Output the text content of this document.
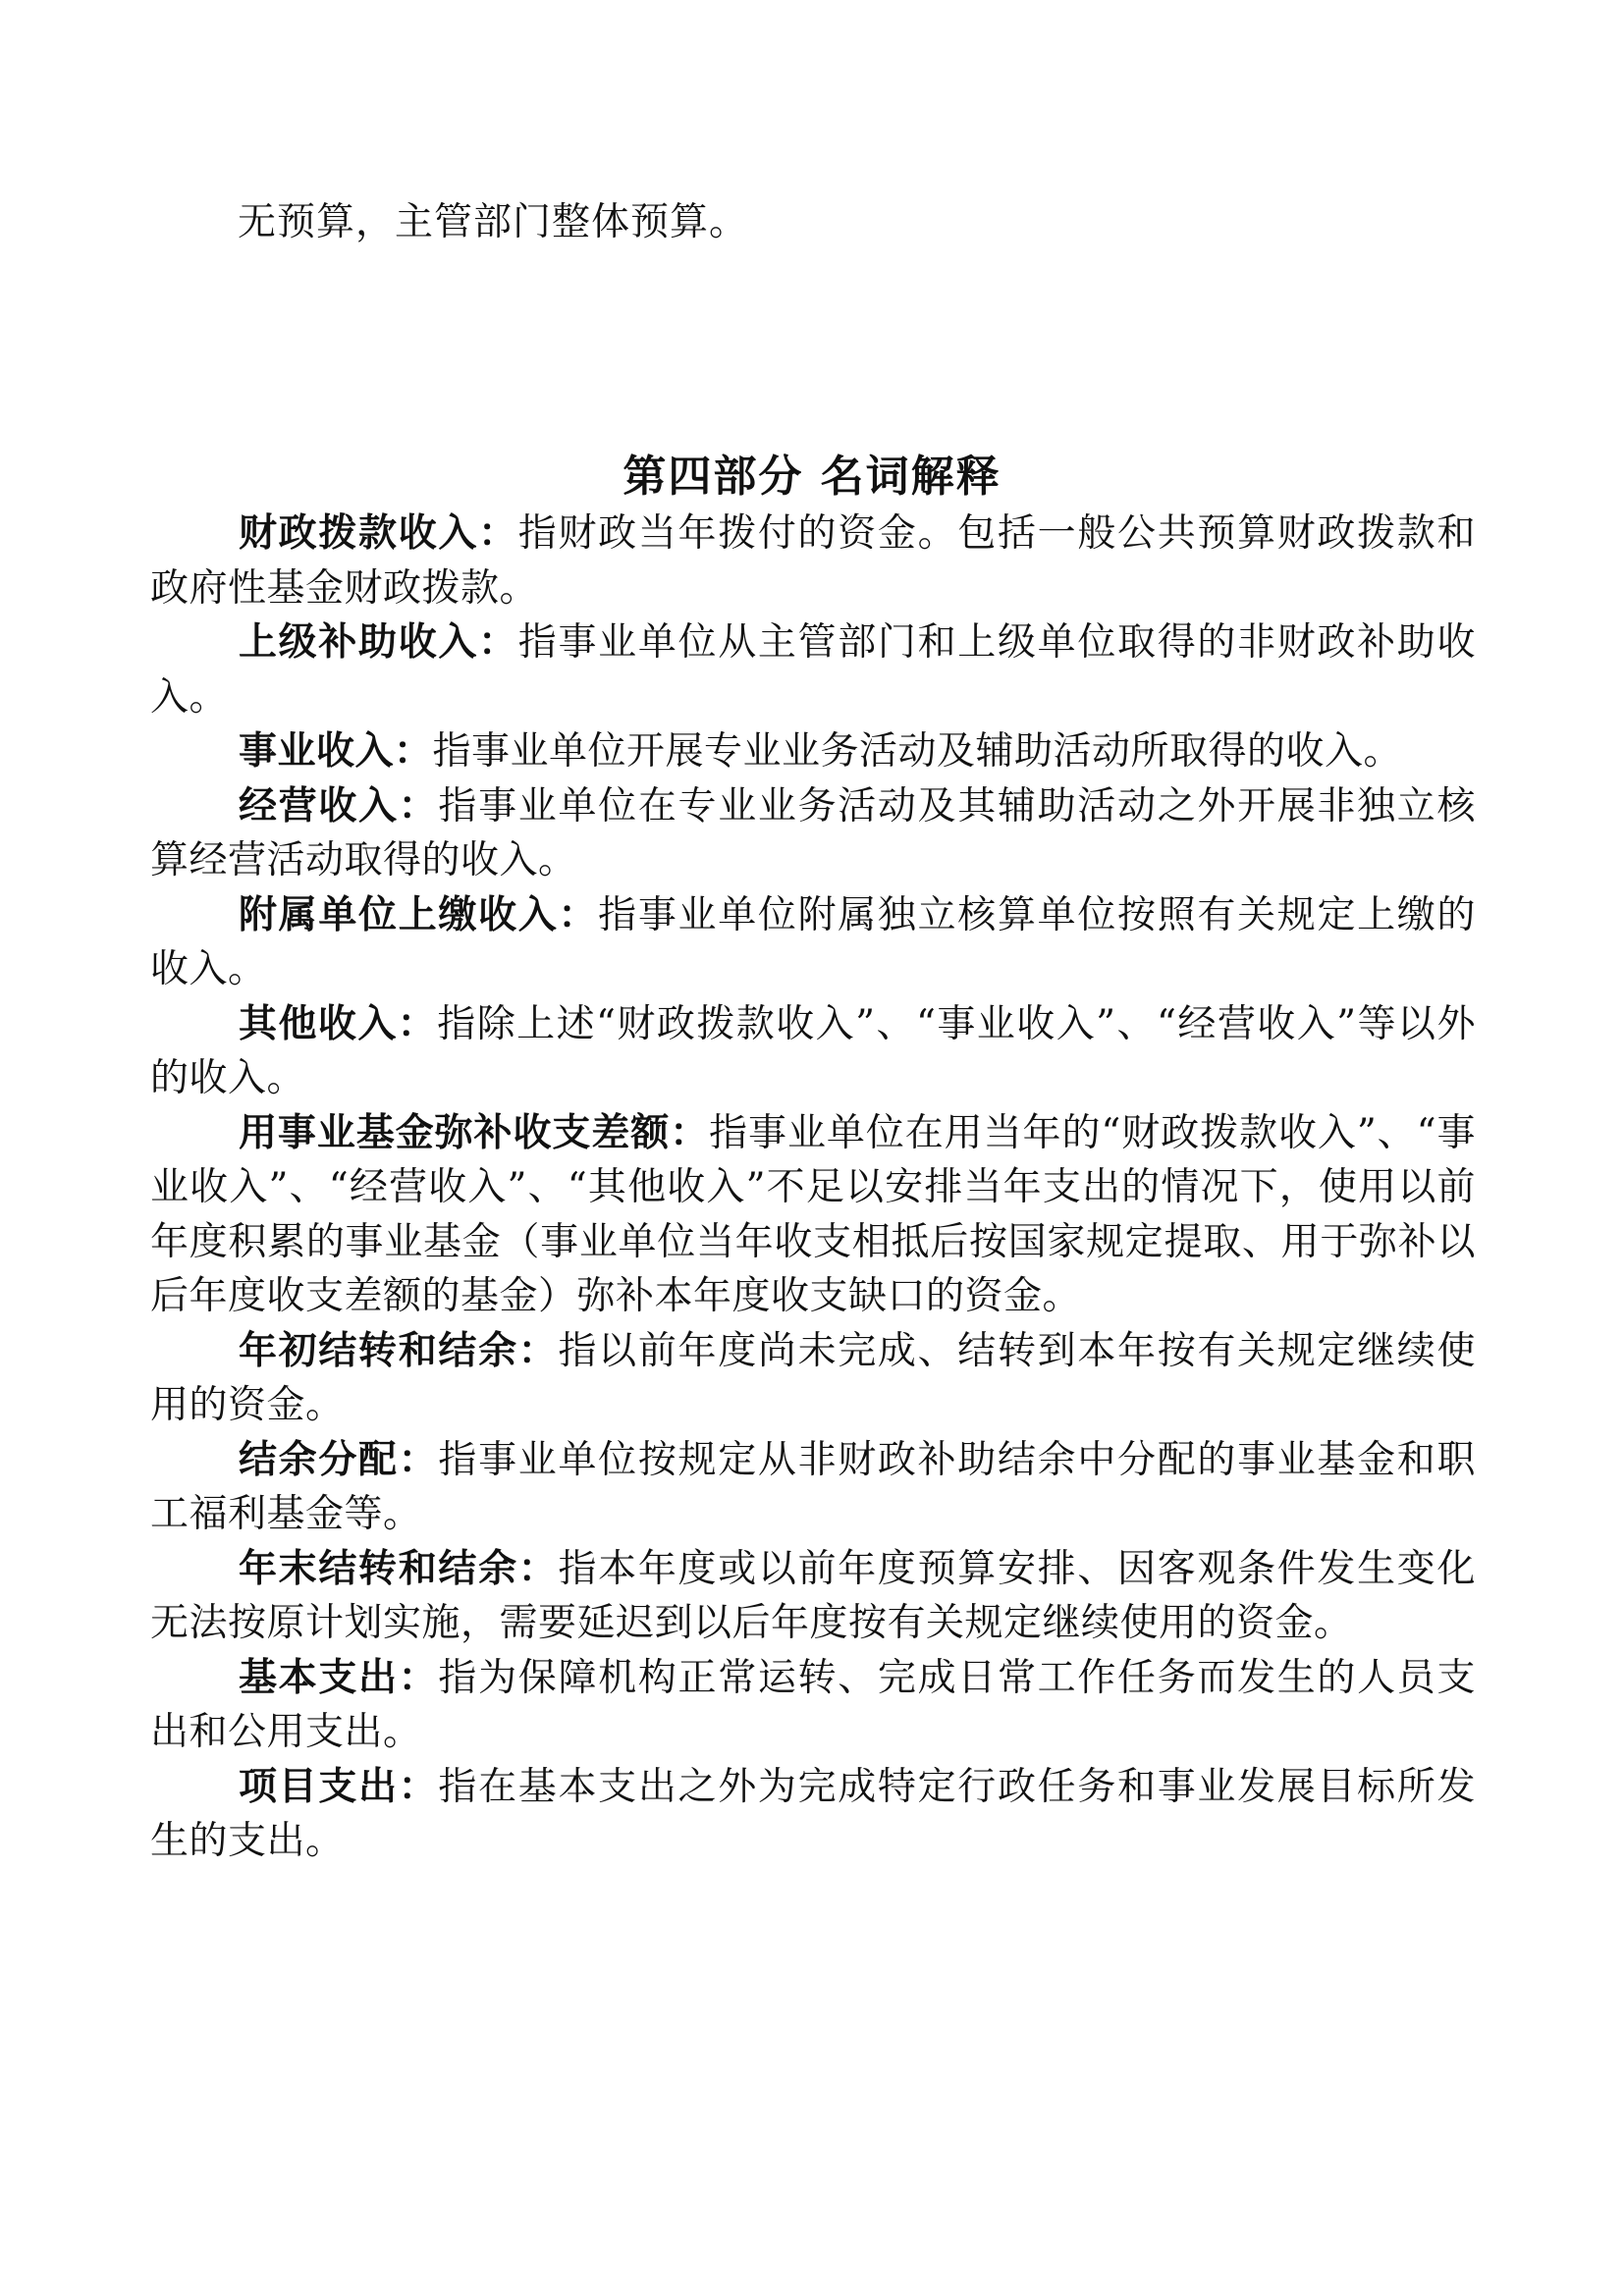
无预算，主管部门整体预算。
第四部分 名词解释

财政拨款收入：指财政当年拨付的资金。包括一般公共预算财政拨款和政府性基金财政拨款。

上级补助收入：指事业单位从主管部门和上级单位取得的非财政补助收入。

事业收入：指事业单位开展专业业务活动及辅助活动所取得的收入。

经营收入：指事业单位在专业业务活动及其辅助活动之外开展非独立核算经营活动取得的收入。

附属单位上缴收入：指事业单位附属独立核算单位按照有关规定上缴的收入。

其他收入：指除上述“财政拨款收入”、“事业收入”、“经营收入”等以外的收入。

用事业基金弥补收支差额：指事业单位在用当年的“财政拨款收入”、“事业收入”、“经营收入”、“其他收入”不足以安排当年支出的情况下，使用以前年度积累的事业基金（事业单位当年收支相抵后按国家规定提取、用于弥补以后年度收支差额的基金）弥补本年度收支缺口的资金。

年初结转和结余：指以前年度尚未完成、结转到本年按有关规定继续使用的资金。

结余分配：指事业单位按规定从非财政补助结余中分配的事业基金和职工福利基金等。

年末结转和结余：指本年度或以前年度预算安排、因客观条件发生变化无法按原计划实施，需要延迟到以后年度按有关规定继续使用的资金。

基本支出：指为保障机构正常运转、完成日常工作任务而发生的人员支出和公用支出。

项目支出：指在基本支出之外为完成特定行政任务和事业发展目标所发生的支出。
